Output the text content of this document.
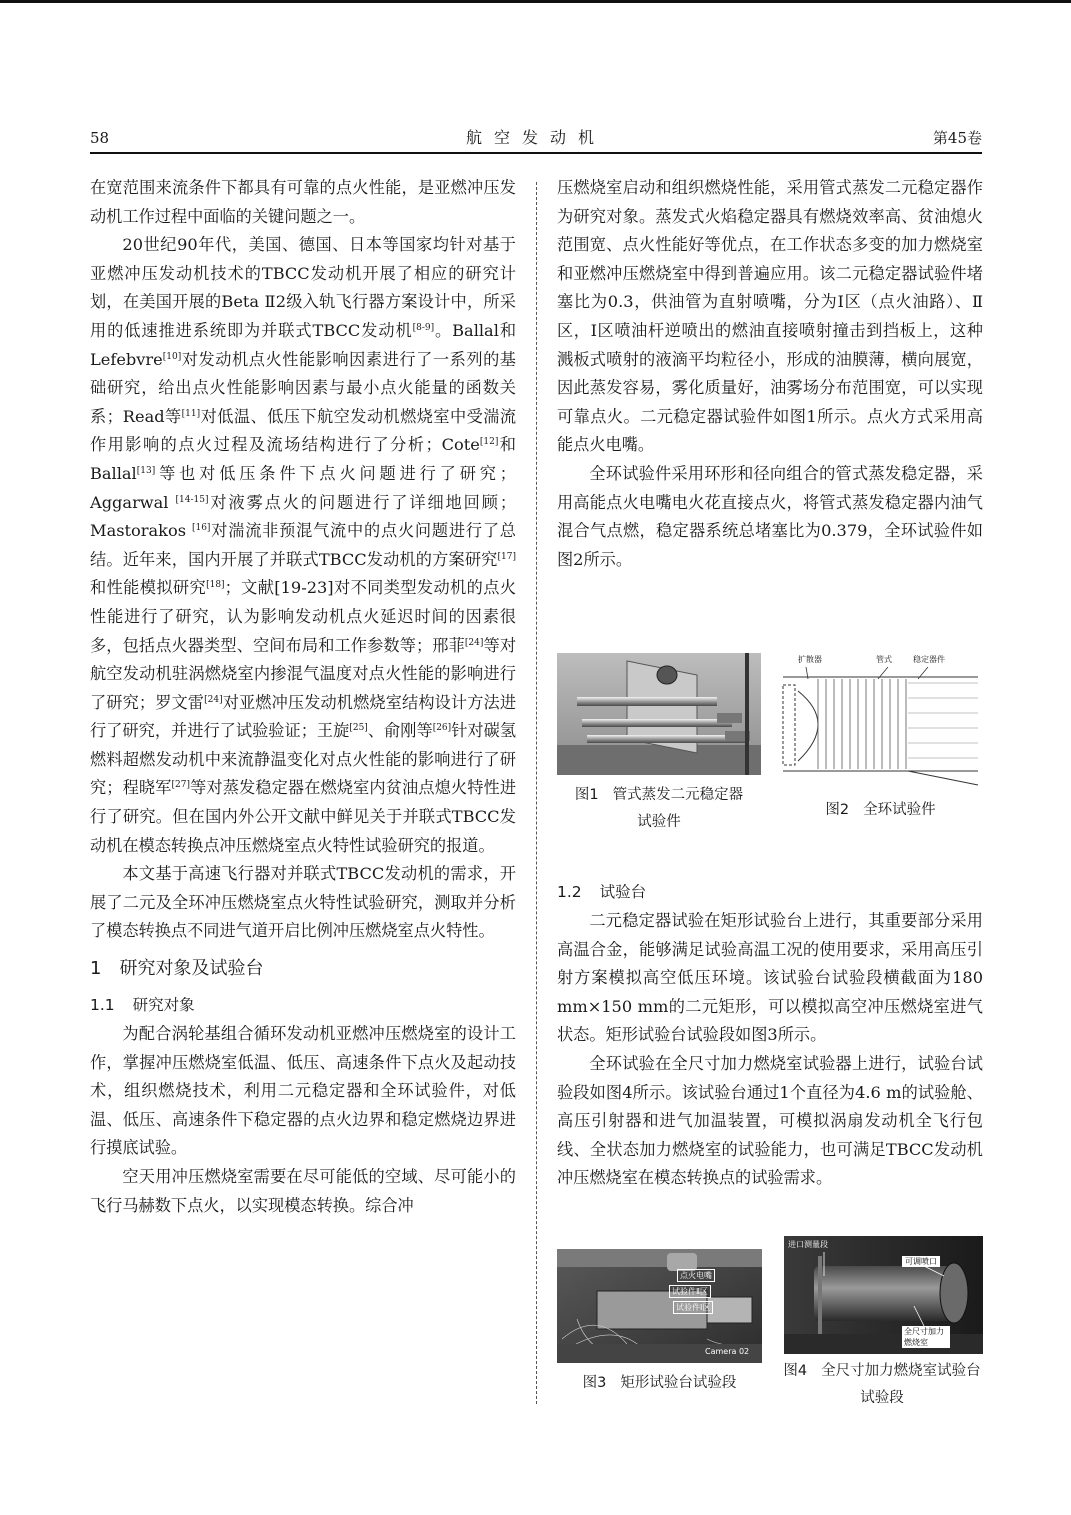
58	航空发动机	第45卷

在宽范围来流条件下都具有可靠的点火性能，是亚燃冲压发动机工作过程中面临的关键问题之一。

20世纪90年代，美国、德国、日本等国家均针对基于亚燃冲压发动机技术的TBCC发动机开展了相应的研究计划，在美国开展的Beta Ⅱ2级入轨飞行器方案设计中，所采用的低速推进系统即为并联式TBCC发动机[8-9]。Ballal和Lefebvre[10]对发动机点火性能影响因素进行了一系列的基础研究，给出点火性能影响因素与最小点火能量的函数关系；Read等[11]对低温、低压下航空发动机燃烧室中受湍流作用影响的点火过程及流场结构进行了分析；Cote[12]和Ballal[13]等也对低压条件下点火问题进行了研究；Aggarwal [14-15]对液雾点火的问题进行了详细地回顾；Mastorakos [16]对湍流非预混气流中的点火问题进行了总结。近年来，国内开展了并联式TBCC发动机的方案研究[17]和性能模拟研究[18]；文献[19-23]对不同类型发动机的点火性能进行了研究，认为影响发动机点火延迟时间的因素很多，包括点火器类型、空间布局和工作参数等；邢菲[24]等对航空发动机驻涡燃烧室内掺混气温度对点火性能的影响进行了研究；罗文雷[24]对亚燃冲压发动机燃烧室结构设计方法进行了研究，并进行了试验验证；王旋[25]、俞刚等[26]针对碳氢燃料超燃发动机中来流静温变化对点火性能的影响进行了研究；程晓军[27]等对蒸发稳定器在燃烧室内贫油点熄火特性进行了研究。但在国内外公开文献中鲜见关于并联式TBCC发动机在模态转换点冲压燃烧室点火特性试验研究的报道。

本文基于高速飞行器对并联式TBCC发动机的需求，开展了二元及全环冲压燃烧室点火特性试验研究，测取并分析了模态转换点不同进气道开启比例冲压燃烧室点火特性。

1 研究对象及试验台
1.1 研究对象

为配合涡轮基组合循环发动机亚燃冲压燃烧室的设计工作，掌握冲压燃烧室低温、低压、高速条件下点火及起动技术，组织燃烧技术，利用二元稳定器和全环试验件，对低温、低压、高速条件下稳定器的点火边界和稳定燃烧边界进行摸底试验。

空天用冲压燃烧室需要在尽可能低的空域、尽可能小的飞行马赫数下点火，以实现模态转换。综合冲

压燃烧室启动和组织燃烧性能，采用管式蒸发二元稳定器作为研究对象。蒸发式火焰稳定器具有燃烧效率高、贫油熄火范围宽、点火性能好等优点，在工作状态多变的加力燃烧室和亚燃冲压燃烧室中得到普遍应用。该二元稳定器试验件堵塞比为0.3，供油管为直射喷嘴，分为Ⅰ区（点火油路）、Ⅱ区，Ⅰ区喷油杆逆喷出的燃油直接喷射撞击到挡板上，这种溅板式喷射的液滴平均粒径小，形成的油膜薄，横向展宽，因此蒸发容易，雾化质量好，油雾场分布范围宽，可以实现可靠点火。二元稳定器试验件如图1所示。点火方式采用高能点火电嘴。

全环试验件采用环形和径向组合的管式蒸发稳定器，采用高能点火电嘴电火花直接点火，将管式蒸发稳定器内油气混合气点燃，稳定器系统总堵塞比为0.379，全环试验件如图2所示。

图1 管式蒸发二元稳定器
试验件
扩散器	管式	稳定器件
图2 全环试验件
1.2 试验台

二元稳定器试验在矩形试验台上进行，其重要部分采用高温合金，能够满足试验高温工况的使用要求，采用高压引射方案模拟高空低压环境。该试验台试验段横截面为180 mm×150 mm的二元矩形，可以模拟高空冲压燃烧室进气状态。矩形试验台试验段如图3所示。

全环试验在全尺寸加力燃烧室试验器上进行，试验台试验段如图4所示。该试验台通过1个直径为4.6 m的试验舱、高压引射器和进气加温装置，可模拟涡扇发动机全飞行包线、全状态加力燃烧室的试验能力，也可满足TBCC发动机冲压燃烧室在模态转换点的试验需求。

点火电嘴
试验件Ⅱ区
试验件Ⅰ区
Camera 02
图3 矩形试验台试验段
进口测量段
可调喷口
全尺寸加力燃烧室
图4 全尺寸加力燃烧室试验台
试验段
